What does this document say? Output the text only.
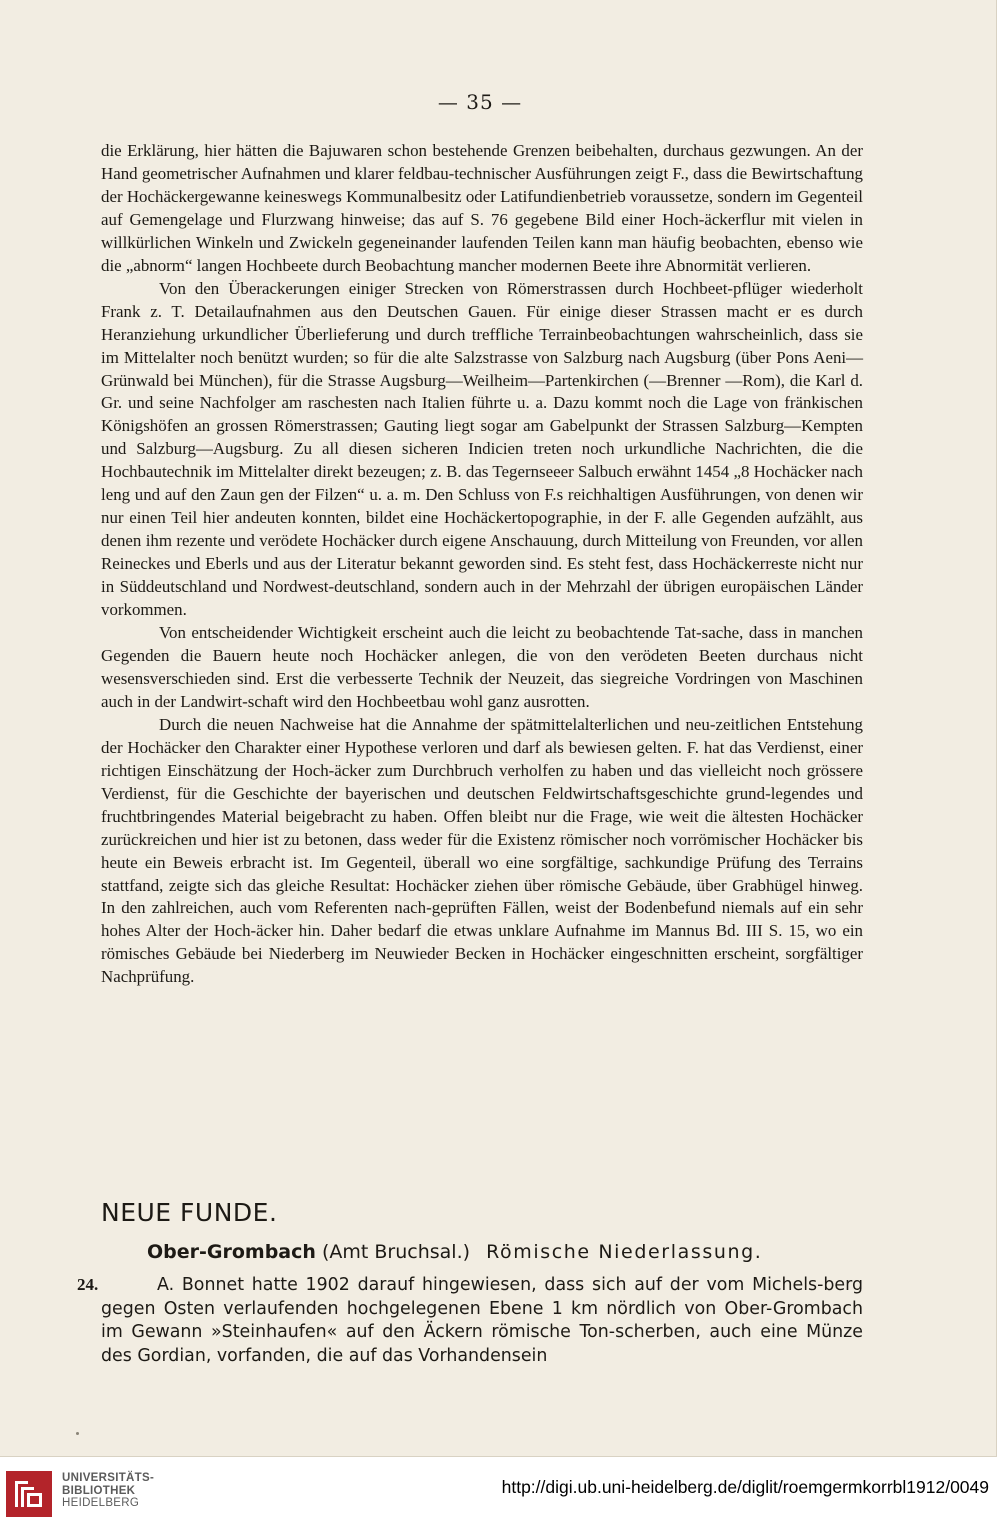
— 35 —

die Erklärung, hier hätten die Bajuwaren schon bestehende Grenzen beibehalten, durchaus gezwungen. An der Hand geometrischer Aufnahmen und klarer feldbau-technischer Ausführungen zeigt F., dass die Bewirtschaftung der Hochäckergewanne keineswegs Kommunalbesitz oder Latifundienbetrieb voraussetze, sondern im Gegenteil auf Gemengelage und Flurzwang hinweise; das auf S. 76 gegebene Bild einer Hoch-äckerflur mit vielen in willkürlichen Winkeln und Zwickeln gegeneinander laufenden Teilen kann man häufig beobachten, ebenso wie die „abnorm“ langen Hochbeete durch Beobachtung mancher modernen Beete ihre Abnormität verlieren.

Von den Überackerungen einiger Strecken von Römerstrassen durch Hochbeet-pflüger wiederholt Frank z. T. Detailaufnahmen aus den Deutschen Gauen. Für einige dieser Strassen macht er es durch Heranziehung urkundlicher Überlieferung und durch treffliche Terrainbeobachtungen wahrscheinlich, dass sie im Mittelalter noch benützt wurden; so für die alte Salzstrasse von Salzburg nach Augsburg (über Pons Aeni—Grünwald bei München), für die Strasse Augsburg—Weilheim—Partenkirchen (—Brenner —Rom), die Karl d. Gr. und seine Nachfolger am raschesten nach Italien führte u. a. Dazu kommt noch die Lage von fränkischen Königshöfen an grossen Römerstrassen; Gauting liegt sogar am Gabelpunkt der Strassen Salzburg—Kempten und Salzburg—Augsburg. Zu all diesen sicheren Indicien treten noch urkundliche Nachrichten, die die Hochbautechnik im Mittelalter direkt bezeugen; z. B. das Tegernseeer Salbuch erwähnt 1454 „8 Hochäcker nach leng und auf den Zaun gen der Filzen“ u. a. m. Den Schluss von F.s reichhaltigen Ausführungen, von denen wir nur einen Teil hier andeuten konnten, bildet eine Hochäckertopographie, in der F. alle Gegenden aufzählt, aus denen ihm rezente und verödete Hochäcker durch eigene Anschauung, durch Mitteilung von Freunden, vor allen Reineckes und Eberls und aus der Literatur bekannt geworden sind. Es steht fest, dass Hochäckerreste nicht nur in Süddeutschland und Nordwest-deutschland, sondern auch in der Mehrzahl der übrigen europäischen Länder vorkommen.

Von entscheidender Wichtigkeit erscheint auch die leicht zu beobachtende Tat-sache, dass in manchen Gegenden die Bauern heute noch Hochäcker anlegen, die von den verödeten Beeten durchaus nicht wesensverschieden sind. Erst die verbesserte Technik der Neuzeit, das siegreiche Vordringen von Maschinen auch in der Landwirt-schaft wird den Hochbeetbau wohl ganz ausrotten.

Durch die neuen Nachweise hat die Annahme der spätmittelalterlichen und neu-zeitlichen Entstehung der Hochäcker den Charakter einer Hypothese verloren und darf als bewiesen gelten. F. hat das Verdienst, einer richtigen Einschätzung der Hoch-äcker zum Durchbruch verholfen zu haben und das vielleicht noch grössere Verdienst, für die Geschichte der bayerischen und deutschen Feldwirtschaftsgeschichte grund-legendes und fruchtbringendes Material beigebracht zu haben. Offen bleibt nur die Frage, wie weit die ältesten Hochäcker zurückreichen und hier ist zu betonen, dass weder für die Existenz römischer noch vorrömischer Hochäcker bis heute ein Beweis erbracht ist. Im Gegenteil, überall wo eine sorgfältige, sachkundige Prüfung des Terrains stattfand, zeigte sich das gleiche Resultat: Hochäcker ziehen über römische Gebäude, über Grabhügel hinweg. In den zahlreichen, auch vom Referenten nach-geprüften Fällen, weist der Bodenbefund niemals auf ein sehr hohes Alter der Hoch-äcker hin. Daher bedarf die etwas unklare Aufnahme im Mannus Bd. III S. 15, wo ein römisches Gebäude bei Niederberg im Neuwieder Becken in Hochäcker eingeschnitten erscheint, sorgfältiger Nachprüfung.

NEUE FUNDE.
Ober-Grombach (Amt Bruchsal.) Römische Niederlassung.
24.	A. Bonnet hatte 1902 darauf hingewiesen, dass sich auf der vom Michels-berg gegen Osten verlaufenden hochgelegenen Ebene 1 km nördlich von Ober-Grombach im Gewann »Steinhaufen« auf den Äckern römische Ton-scherben, auch eine Münze des Gordian, vorfanden, die auf das Vorhandensein
UNIVERSITÄTS-
BIBLIOTHEK
HEIDELBERG
http://digi.ub.uni-heidelberg.de/diglit/roemgermkorrbl1912/0049
